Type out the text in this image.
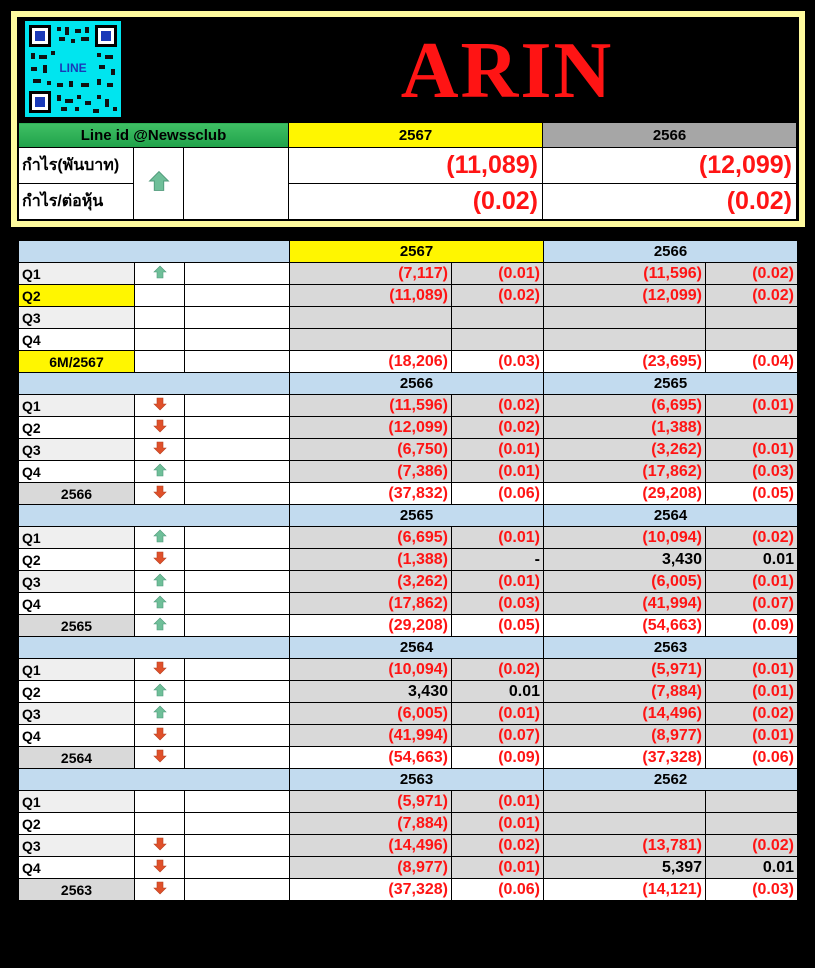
LINE	ARIN
Line id @Newssclub			2567	2566
กำไร(พันบาท)			(11,089)	(12,099)
กำไร/ต่อหุ้น			(0.02)	(0.02)
			2567		2566	
Q1			(7,117)	(0.01)	(11,596)	(0.02)
Q2			(11,089)	(0.02)	(12,099)	(0.02)
Q3						
Q4						
6M/2567			(18,206)	(0.03)	(23,695)	(0.04)
			2566		2565	
Q1			(11,596)	(0.02)	(6,695)	(0.01)
Q2			(12,099)	(0.02)	(1,388)	
Q3			(6,750)	(0.01)	(3,262)	(0.01)
Q4			(7,386)	(0.01)	(17,862)	(0.03)
2566			(37,832)	(0.06)	(29,208)	(0.05)
			2565		2564	
Q1			(6,695)	(0.01)	(10,094)	(0.02)
Q2			(1,388)	-	3,430	0.01
Q3			(3,262)	(0.01)	(6,005)	(0.01)
Q4			(17,862)	(0.03)	(41,994)	(0.07)
2565			(29,208)	(0.05)	(54,663)	(0.09)
			2564		2563	
Q1			(10,094)	(0.02)	(5,971)	(0.01)
Q2			3,430	0.01	(7,884)	(0.01)
Q3			(6,005)	(0.01)	(14,496)	(0.02)
Q4			(41,994)	(0.07)	(8,977)	(0.01)
2564			(54,663)	(0.09)	(37,328)	(0.06)
			2563		2562	
Q1			(5,971)	(0.01)		
Q2			(7,884)	(0.01)		
Q3			(14,496)	(0.02)	(13,781)	(0.02)
Q4			(8,977)	(0.01)	5,397	0.01
2563			(37,328)	(0.06)	(14,121)	(0.03)
